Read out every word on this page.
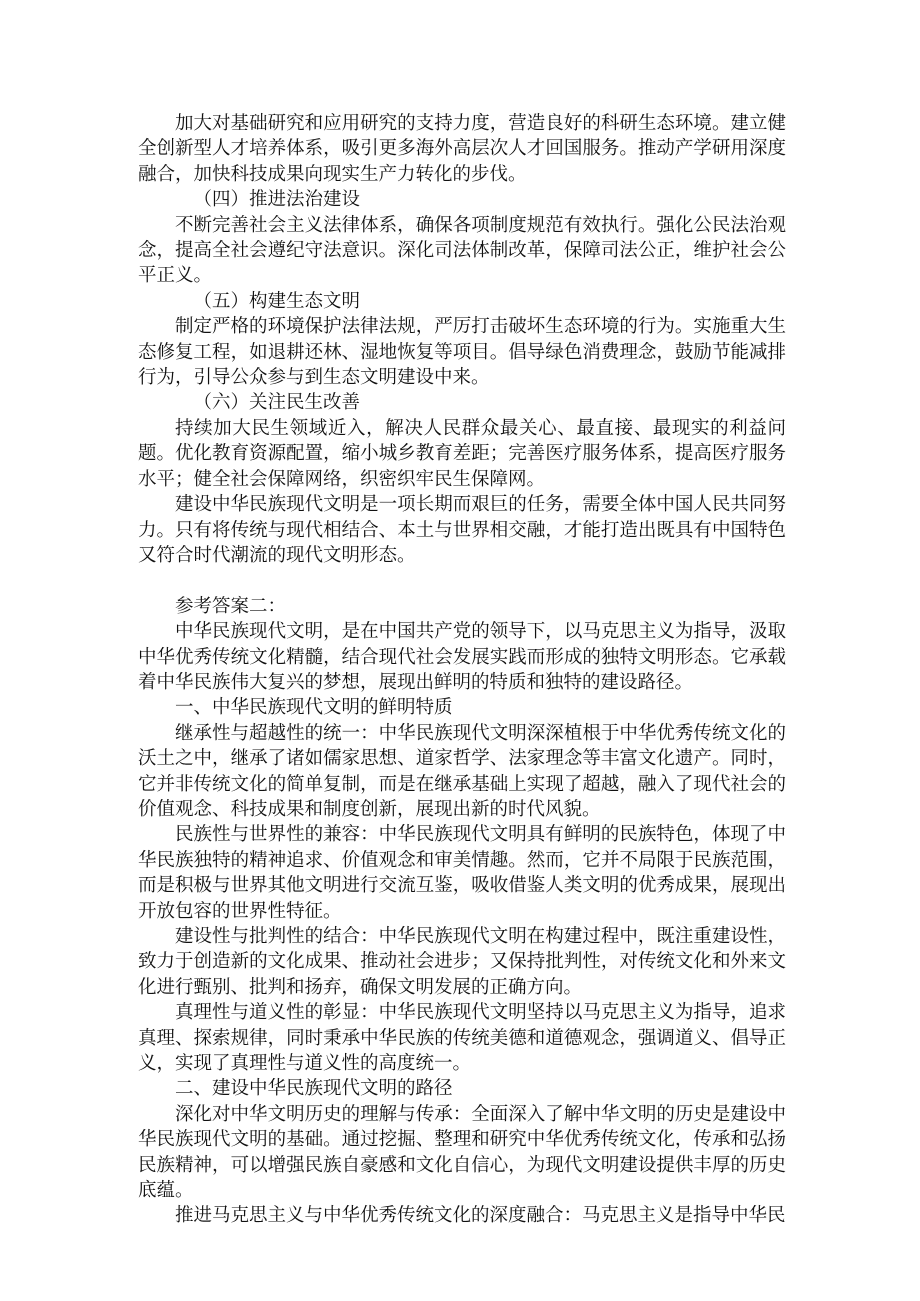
加大对基础研究和应用研究的支持力度，营造良好的科研生态环境。建立健全创新型人才培养体系，吸引更多海外高层次人才回国服务。推动产学研用深度融合，加快科技成果向现实生产力转化的步伐。

（四）推进法治建设

不断完善社会主义法律体系，确保各项制度规范有效执行。强化公民法治观念，提高全社会遵纪守法意识。深化司法体制改革，保障司法公正，维护社会公平正义。

（五）构建生态文明

制定严格的环境保护法律法规，严厉打击破坏生态环境的行为。实施重大生态修复工程，如退耕还林、湿地恢复等项目。倡导绿色消费理念，鼓励节能减排行为，引导公众参与到生态文明建设中来。

（六）关注民生改善

持续加大民生领域近入，解决人民群众最关心、最直接、最现实的利益问题。优化教育资源配置，缩小城乡教育差距；完善医疗服务体系，提高医疗服务水平；健全社会保障网络，织密织牢民生保障网。

建设中华民族现代文明是一项长期而艰巨的任务，需要全体中国人民共同努力。只有将传统与现代相结合、本土与世界相交融，才能打造出既具有中国特色又符合时代潮流的现代文明形态。

参考答案二：

中华民族现代文明，是在中国共产党的领导下，以马克思主义为指导，汲取中华优秀传统文化精髓，结合现代社会发展实践而形成的独特文明形态。它承载着中华民族伟大复兴的梦想，展现出鲜明的特质和独特的建设路径。

一、中华民族现代文明的鲜明特质

继承性与超越性的统一：中华民族现代文明深深植根于中华优秀传统文化的沃土之中，继承了诸如儒家思想、道家哲学、法家理念等丰富文化遗产。同时，它并非传统文化的简单复制，而是在继承基础上实现了超越，融入了现代社会的价值观念、科技成果和制度创新，展现出新的时代风貌。

民族性与世界性的兼容：中华民族现代文明具有鲜明的民族特色，体现了中华民族独特的精神追求、价值观念和审美情趣。然而，它并不局限于民族范围，而是积极与世界其他文明进行交流互鉴，吸收借鉴人类文明的优秀成果，展现出开放包容的世界性特征。

建设性与批判性的结合：中华民族现代文明在构建过程中，既注重建设性，致力于创造新的文化成果、推动社会进步；又保持批判性，对传统文化和外来文化进行甄别、批判和扬弃，确保文明发展的正确方向。

真理性与道义性的彰显：中华民族现代文明坚持以马克思主义为指导，追求真理、探索规律，同时秉承中华民族的传统美德和道德观念，强调道义、倡导正义，实现了真理性与道义性的高度统一。

二、建设中华民族现代文明的路径

深化对中华文明历史的理解与传承：全面深入了解中华文明的历史是建设中华民族现代文明的基础。通过挖掘、整理和研究中华优秀传统文化，传承和弘扬民族精神，可以增强民族自豪感和文化自信心，为现代文明建设提供丰厚的历史底蕴。

推进马克思主义与中华优秀传统文化的深度融合：马克思主义是指导中华民
